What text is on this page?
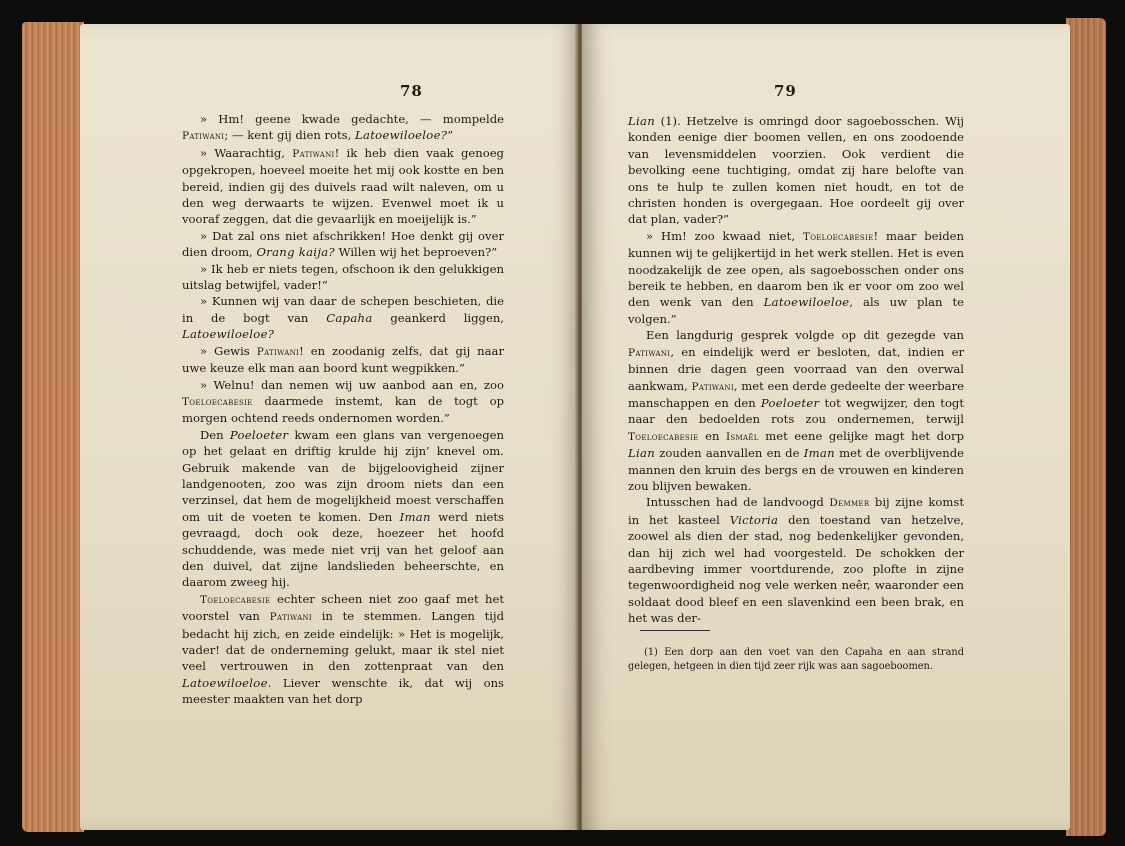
78

» Hm! geene kwade gedachte, — mompelde Patiwani; — kent gij dien rots, Latoewiloeloe?”

» Waarachtig, Patiwani! ik heb dien vaak genoeg opgekropen, hoeveel moeite het mij ook kostte en ben bereid, indien gij des duivels raad wilt naleven, om u den weg derwaarts te wijzen. Evenwel moet ik u vooraf zeggen, dat die gevaarlijk en moeijelijk is.”

» Dat zal ons niet afschrikken! Hoe denkt gij over dien droom, Orang kaija? Willen wij het beproeven?”

» Ik heb er niets tegen, ofschoon ik den gelukkigen uitslag betwijfel, vader!”

» Kunnen wij van daar de schepen beschieten, die in de bogt van Capaha geankerd liggen, Latoewiloeloe?

» Gewis Patiwani! en zoodanig zelfs, dat gij naar uwe keuze elk man aan boord kunt wegpikken.”

» Welnu! dan nemen wij uw aanbod aan en, zoo Toeloecabesie daarmede instemt, kan de togt op morgen ochtend reeds ondernomen worden.”

Den Poeloeter kwam een glans van vergenoegen op het gelaat en driftig krulde hij zijn’ knevel om. Gebruik makende van de bijgeloovigheid zijner landgenooten, zoo was zijn droom niets dan een verzinsel, dat hem de mogelijkheid moest verschaffen om uit de voeten te komen. Den Iman werd niets gevraagd, doch ook deze, hoezeer het hoofd schuddende, was mede niet vrij van het geloof aan den duivel, dat zijne landslieden beheerschte, en daarom zweeg hij.

Toeloecabesie echter scheen niet zoo gaaf met het voorstel van Patiwani in te stemmen. Langen tijd bedacht hij zich, en zeide eindelijk: » Het is mogelijk, vader! dat de onderneming gelukt, maar ik stel niet veel vertrouwen in den zottenpraat van den Latoewiloeloe. Liever wenschte ik, dat wij ons meester maakten van het dorp

79

Lian (1). Hetzelve is omringd door sagoebosschen. Wij konden eenige dier boomen vellen, en ons zoodoende van levensmiddelen voorzien. Ook verdient die bevolking eene tuchtiging, omdat zij hare belofte van ons te hulp te zullen komen niet houdt, en tot de christen honden is overgegaan. Hoe oordeelt gij over dat plan, vader?”

» Hm! zoo kwaad niet, Toeloecabesie! maar beiden kunnen wij te gelijkertijd in het werk stellen. Het is even noodzakelijk de zee open, als sagoebosschen onder ons bereik te hebben, en daarom ben ik er voor om zoo wel den wenk van den Latoewiloeloe, als uw plan te volgen.”

Een langdurig gesprek volgde op dit gezegde van Patiwani, en eindelijk werd er besloten, dat, indien er binnen drie dagen geen voorraad van den overwal aankwam, Patiwani, met een derde gedeelte der weerbare manschappen en den Poeloeter tot wegwijzer, den togt naar den bedoelden rots zou ondernemen, terwijl Toeloecabesie en Ismaël met eene gelijke magt het dorp Lian zouden aanvallen en de Iman met de overblijvende mannen den kruin des bergs en de vrouwen en kinderen zou blijven bewaken.

Intusschen had de landvoogd Demmer bij zijne komst in het kasteel Victoria den toestand van hetzelve, zoowel als dien der stad, nog bedenkelijker gevonden, dan hij zich wel had voorgesteld. De schokken der aardbeving immer voortdurende, zoo plofte in zijne tegenwoordigheid nog vele werken neêr, waaronder een soldaat dood bleef en een slavenkind een been brak, en het was der-

(1) Een dorp aan den voet van den Capaha en aan strand gelegen, hetgeen in dien tijd zeer rijk was aan sagoeboomen.
